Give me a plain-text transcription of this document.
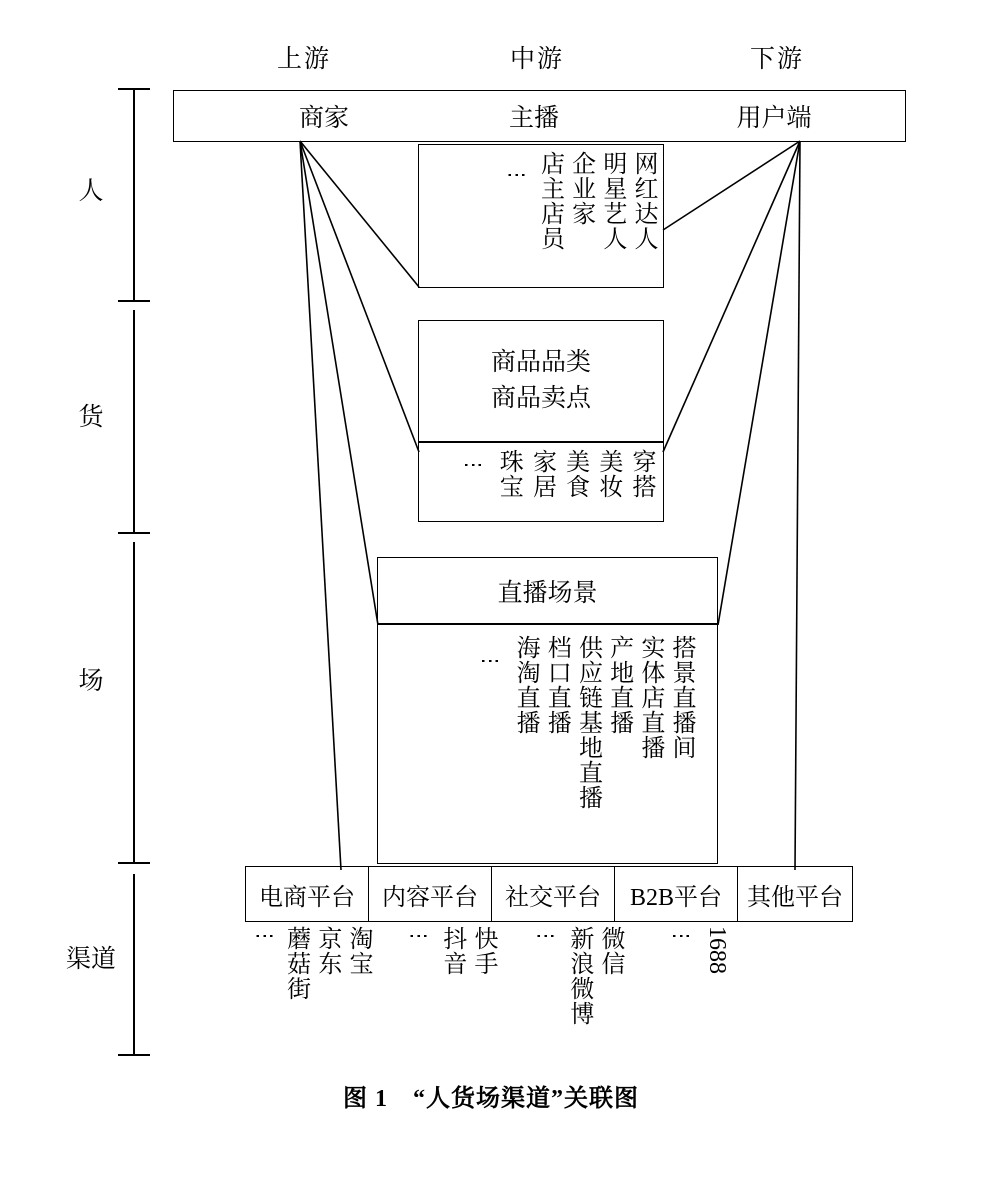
上游	中游	下游
人
货
场
渠道
商家	主播	用户端
网红达人
明星艺人
企业家
店主店员
⋮
商品品类
商品卖点
穿搭
美妆
美食
家居
珠宝
⋮
直播场景
搭景直播间
实体店直播
产地直播
供应链基地直播
档口直播
海淘直播
⋮
电商平台	内容平台	社交平台	B2B平台	其他平台
淘宝
京东
蘑菇街
⋮	快手
抖音
⋮	微信
新浪微博
⋮	1688
⋮
图 1　“人货场渠道”关联图
